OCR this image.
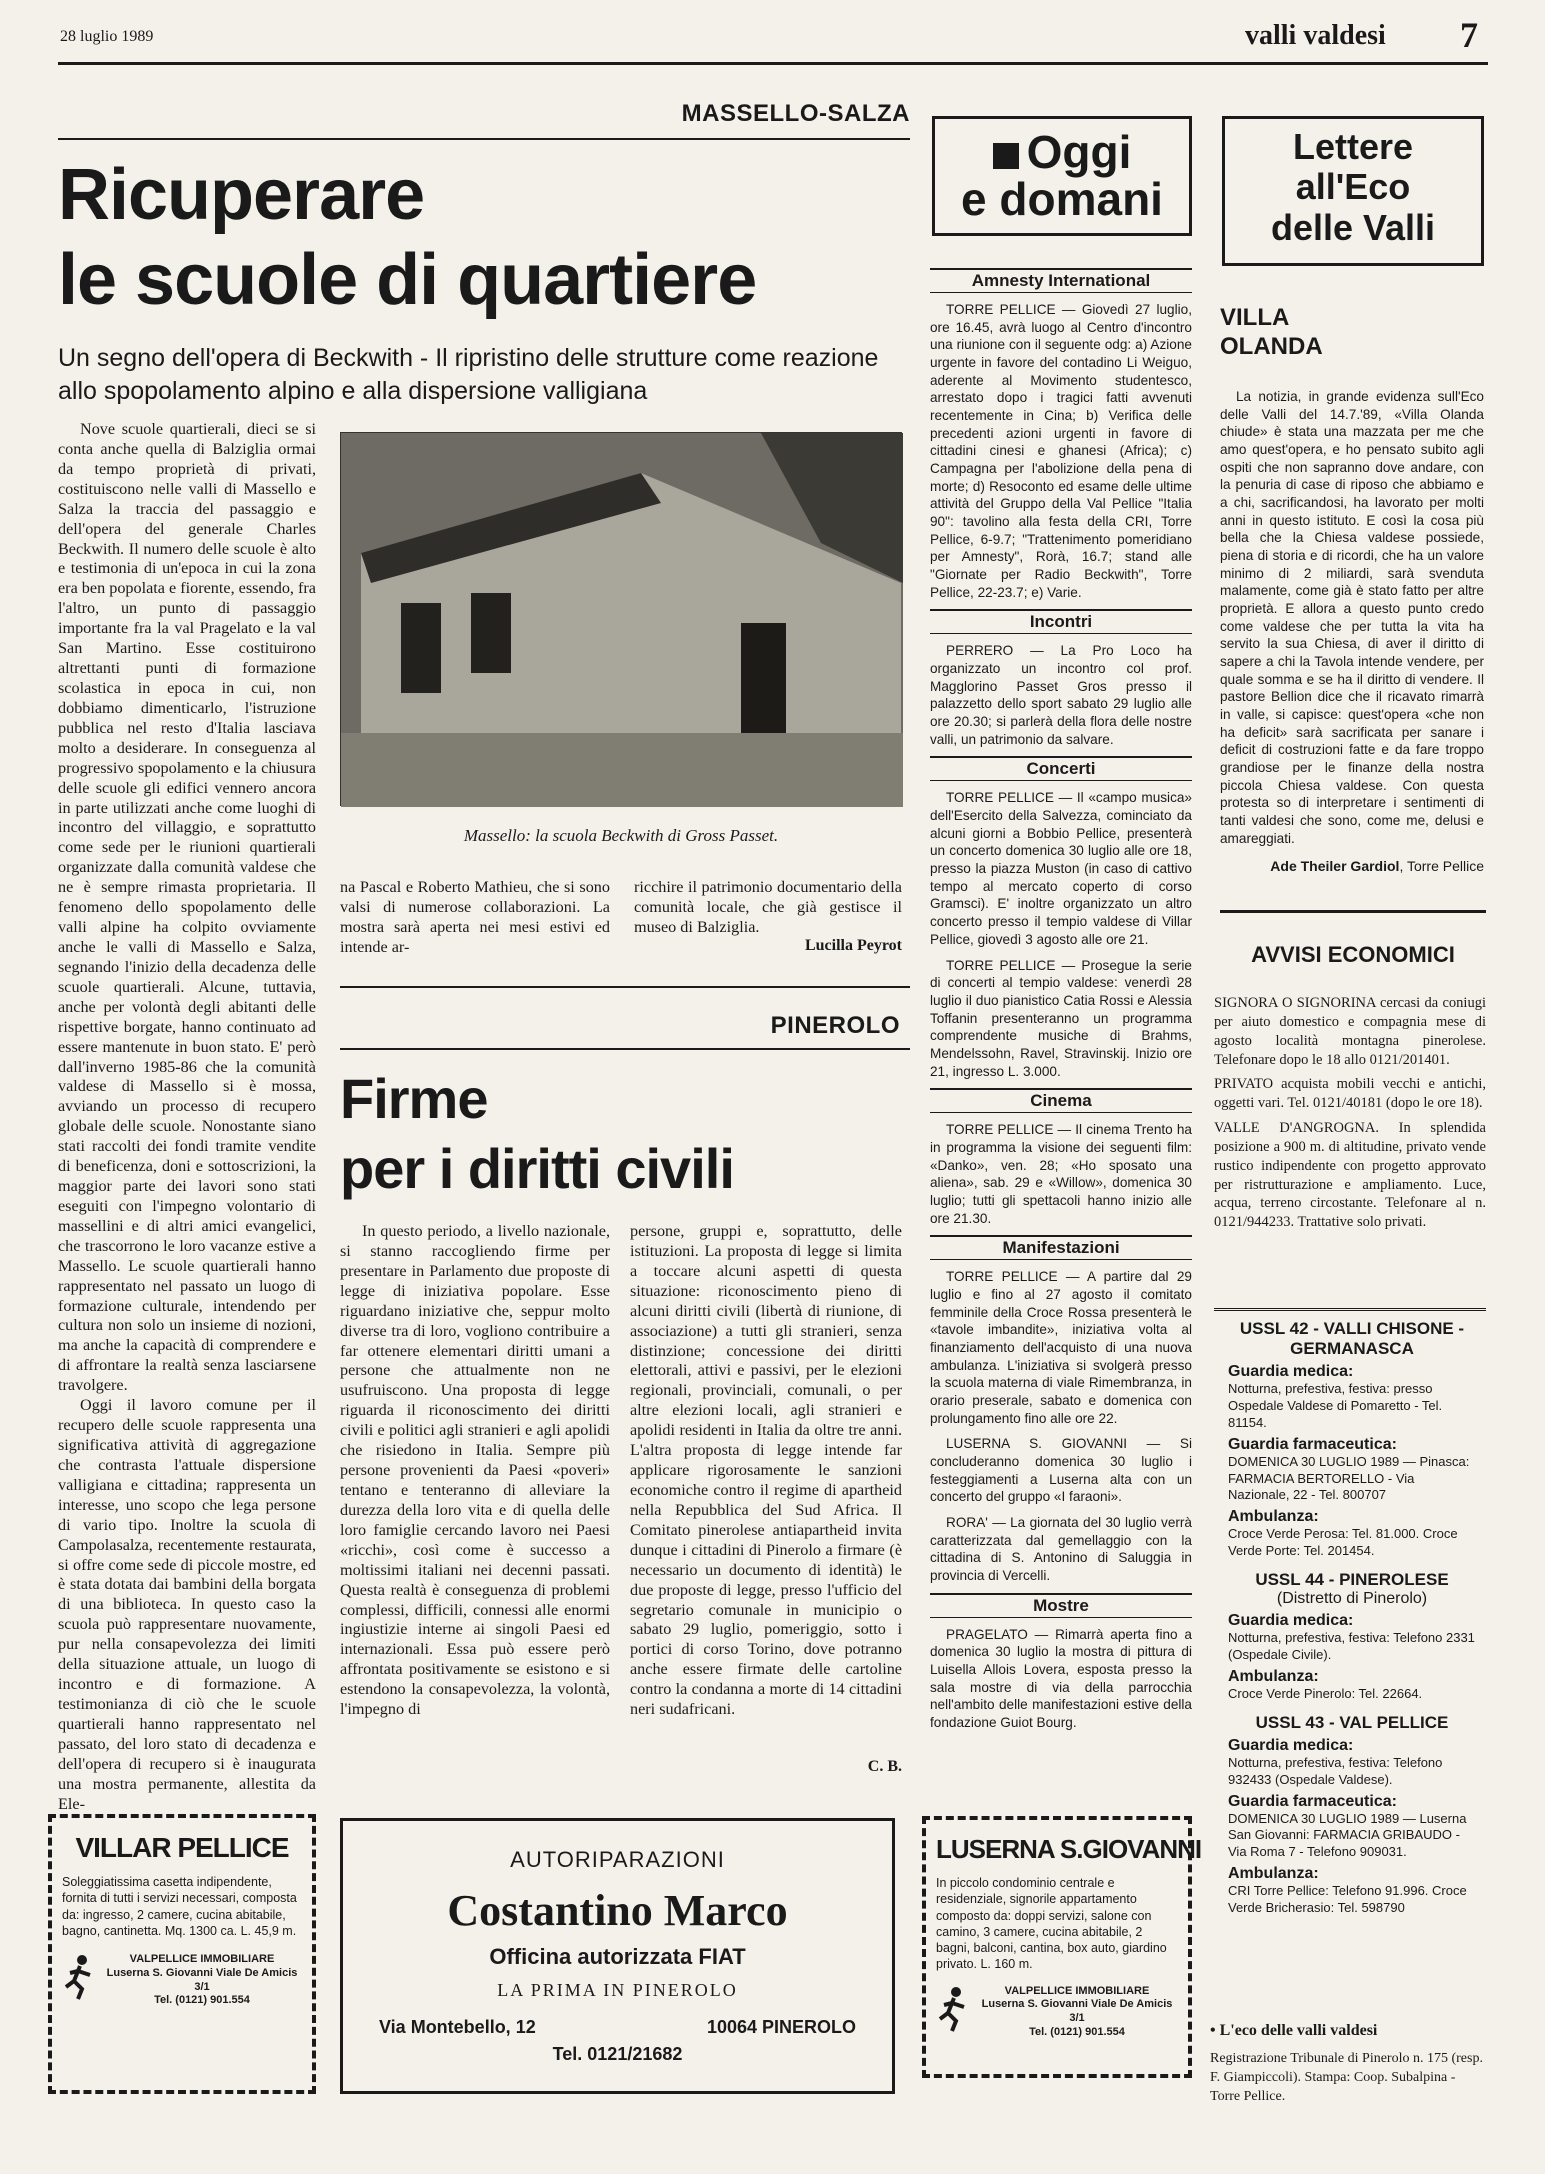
28 luglio 1989	valli valdesi 7
MASSELLO-SALZA
Ricuperare
le scuole di quartiere
Un segno dell'opera di Beckwith - Il ripristino delle strutture come reazione allo spopolamento alpino e alla dispersione valligiana

Nove scuole quartierali, dieci se si conta anche quella di Balziglia ormai da tempo proprietà di privati, costituiscono nelle valli di Massello e Salza la traccia del passaggio e dell'opera del generale Charles Beckwith. Il numero delle scuole è alto e testimonia di un'epoca in cui la zona era ben popolata e fiorente, essendo, fra l'altro, un punto di passaggio importante fra la val Pragelato e la val San Martino. Esse costituirono altrettanti punti di formazione scolastica in epoca in cui, non dobbiamo dimenticarlo, l'istruzione pubblica nel resto d'Italia lasciava molto a desiderare. In conseguenza al progressivo spopolamento e la chiusura delle scuole gli edifici vennero ancora in parte utilizzati anche come luoghi di incontro del villaggio, e soprattutto come sede per le riunioni quartierali organizzate dalla comunità valdese che ne è sempre rimasta proprietaria. Il fenomeno dello spopolamento delle valli alpine ha colpito ovviamente anche le valli di Massello e Salza, segnando l'inizio della decadenza delle scuole quartierali. Alcune, tuttavia, anche per volontà degli abitanti delle rispettive borgate, hanno continuato ad essere mantenute in buon stato. E' però dall'inverno 1985-86 che la comunità valdese di Massello si è mossa, avviando un processo di recupero globale delle scuole. Nonostante siano stati raccolti dei fondi tramite vendite di beneficenza, doni e sottoscrizioni, la maggior parte dei lavori sono stati eseguiti con l'impegno volontario di massellini e di altri amici evangelici, che trascorrono le loro vacanze estive a Massello. Le scuole quartierali hanno rappresentato nel passato un luogo di formazione culturale, intendendo per cultura non solo un insieme di nozioni, ma anche la capacità di comprendere e di affrontare la realtà senza lasciarsene travolgere.

Oggi il lavoro comune per il recupero delle scuole rappresenta una significativa attività di aggregazione che contrasta l'attuale dispersione valligiana e cittadina; rappresenta un interesse, uno scopo che lega persone di vario tipo. Inoltre la scuola di Campolasalza, recentemente restaurata, si offre come sede di piccole mostre, ed è stata dotata dai bambini della borgata di una biblioteca. In questo caso la scuola può rappresentare nuovamente, pur nella consapevolezza dei limiti della situazione attuale, un luogo di incontro e di formazione. A testimonianza di ciò che le scuole quartierali hanno rappresentato nel passato, del loro stato di decadenza e dell'opera di recupero si è inaugurata una mostra permanente, allestita da Ele-

Massello: la scuola Beckwith di Gross Passet.

na Pascal e Roberto Mathieu, che si sono valsi di numerose collaborazioni. La mostra sarà aperta nei mesi estivi ed intende ar-

ricchire il patrimonio documentario della comunità locale, che già gestisce il museo di Balziglia.

Lucilla Peyrot
PINEROLO
Firme
per i diritti civili

In questo periodo, a livello nazionale, si stanno raccogliendo firme per presentare in Parlamento due proposte di legge di iniziativa popolare. Esse riguardano iniziative che, seppur molto diverse tra di loro, vogliono contribuire a far ottenere elementari diritti umani a persone che attualmente non ne usufruiscono. Una proposta di legge riguarda il riconoscimento dei diritti civili e politici agli stranieri e agli apolidi che risiedono in Italia. Sempre più persone provenienti da Paesi «poveri» tentano e tenteranno di alleviare la durezza della loro vita e di quella delle loro famiglie cercando lavoro nei Paesi «ricchi», così come è successo a moltissimi italiani nei decenni passati. Questa realtà è conseguenza di problemi complessi, difficili, connessi alle enormi ingiustizie interne ai singoli Paesi ed internazionali. Essa può essere però affrontata positivamente se esistono e si estendono la consapevolezza, la volontà, l'impegno di

persone, gruppi e, soprattutto, delle istituzioni. La proposta di legge si limita a toccare alcuni aspetti di questa situazione: riconoscimento pieno di alcuni diritti civili (libertà di riunione, di associazione) a tutti gli stranieri, senza distinzione; concessione dei diritti elettorali, attivi e passivi, per le elezioni regionali, provinciali, comunali, o per altre elezioni locali, agli stranieri e apolidi residenti in Italia da oltre tre anni. L'altra proposta di legge intende far applicare rigorosamente le sanzioni economiche contro il regime di apartheid nella Repubblica del Sud Africa. Il Comitato pinerolese antiapartheid invita dunque i cittadini di Pinerolo a firmare (è necessario un documento di identità) le due proposte di legge, presso l'ufficio del segretario comunale in municipio o sabato 29 luglio, pomeriggio, sotto i portici di corso Torino, dove potranno anche essere firmate delle cartoline contro la condanna a morte di 14 cittadini neri sudafricani.

C. B.
Oggi
e domani
Amnesty International
TORRE PELLICE — Giovedì 27 luglio, ore 16.45, avrà luogo al Centro d'incontro una riunione con il seguente odg: a) Azione urgente in favore del contadino Li Weiguo, aderente al Movimento studentesco, arrestato dopo i tragici fatti avvenuti recentemente in Cina; b) Verifica delle precedenti azioni urgenti in favore di cittadini cinesi e ghanesi (Africa); c) Campagna per l'abolizione della pena di morte; d) Resoconto ed esame delle ultime attività del Gruppo della Val Pellice "Italia 90": tavolino alla festa della CRI, Torre Pellice, 6-9.7; "Trattenimento pomeridiano per Amnesty", Rorà, 16.7; stand alle "Giornate per Radio Beckwith", Torre Pellice, 22-23.7; e) Varie.
Incontri
PERRERO — La Pro Loco ha organizzato un incontro col prof. Magglorino Passet Gros presso il palazzetto dello sport sabato 29 luglio alle ore 20.30; si parlerà della flora delle nostre valli, un patrimonio da salvare.
Concerti
TORRE PELLICE — Il «campo musica» dell'Esercito della Salvezza, cominciato da alcuni giorni a Bobbio Pellice, presenterà un concerto domenica 30 luglio alle ore 18, presso la piazza Muston (in caso di cattivo tempo al mercato coperto di corso Gramsci). E' inoltre organizzato un altro concerto presso il tempio valdese di Villar Pellice, giovedì 3 agosto alle ore 21.
TORRE PELLICE — Prosegue la serie di concerti al tempio valdese: venerdì 28 luglio il duo pianistico Catia Rossi e Alessia Toffanin presenteranno un programma comprendente musiche di Brahms, Mendelssohn, Ravel, Stravinskij. Inizio ore 21, ingresso L. 3.000.
Cinema
TORRE PELLICE — Il cinema Trento ha in programma la visione dei seguenti film: «Danko», ven. 28; «Ho sposato una aliena», sab. 29 e «Willow», domenica 30 luglio; tutti gli spettacoli hanno inizio alle ore 21.30.
Manifestazioni
TORRE PELLICE — A partire dal 29 luglio e fino al 27 agosto il comitato femminile della Croce Rossa presenterà le «tavole imbandite», iniziativa volta al finanziamento dell'acquisto di una nuova ambulanza. L'iniziativa si svolgerà presso la scuola materna di viale Rimembranza, in orario preserale, sabato e domenica con prolungamento fino alle ore 22.
LUSERNA S. GIOVANNI — Si concluderanno domenica 30 luglio i festeggiamenti a Luserna alta con un concerto del gruppo «I faraoni».
RORA' — La giornata del 30 luglio verrà caratterizzata dal gemellaggio con la cittadina di S. Antonino di Saluggia in provincia di Vercelli.
Mostre
PRAGELATO — Rimarrà aperta fino a domenica 30 luglio la mostra di pittura di Luisella Allois Lovera, esposta presso la sala mostre di via della parrocchia nell'ambito delle manifestazioni estive della fondazione Guiot Bourg.
Lettere
all'Eco
delle Valli
VILLA
OLANDA

La notizia, in grande evidenza sull'Eco delle Valli del 14.7.'89, «Villa Olanda chiude» è stata una mazzata per me che amo quest'opera, e ho pensato subito agli ospiti che non sapranno dove andare, con la penuria di case di riposo che abbiamo e a chi, sacrificandosi, ha lavorato per molti anni in questo istituto. E così la cosa più bella che la Chiesa valdese possiede, piena di storia e di ricordi, che ha un valore minimo di 2 miliardi, sarà svenduta malamente, come già è stato fatto per altre proprietà. E allora a questo punto credo come valdese che per tutta la vita ha servito la sua Chiesa, di aver il diritto di sapere a chi la Tavola intende vendere, per quale somma e se ha il diritto di vendere. Il pastore Bellion dice che il ricavato rimarrà in valle, si capisce: quest'opera «che non ha deficit» sarà sacrificata per sanare i deficit di costruzioni fatte e da fare troppo grandiose per le finanze della nostra piccola Chiesa valdese. Con questa protesta so di interpretare i sentimenti di tanti valdesi che sono, come me, delusi e amareggiati.

Ade Theiler Gardiol, Torre Pellice
AVVISI ECONOMICI

SIGNORA O SIGNORINA cercasi da coniugi per aiuto domestico e compagnia mese di agosto località montagna pinerolese. Telefonare dopo le 18 allo 0121/201401.

PRIVATO acquista mobili vecchi e antichi, oggetti vari. Tel. 0121/40181 (dopo le ore 18).

VALLE D'ANGROGNA. In splendida posizione a 900 m. di altitudine, privato vende rustico indipendente con progetto approvato per ristrutturazione e ampliamento. Luce, acqua, terreno circostante. Telefonare al n. 0121/944233. Trattative solo privati.

USSL 42 - VALLI CHISONE - GERMANASCA
Guardia medica:
Notturna, prefestiva, festiva: presso Ospedale Valdese di Pomaretto - Tel. 81154.
Guardia farmaceutica:
DOMENICA 30 LUGLIO 1989 — Pinasca: FARMACIA BERTORELLO - Via Nazionale, 22 - Tel. 800707
Ambulanza:
Croce Verde Perosa: Tel. 81.000. Croce Verde Porte: Tel. 201454.
USSL 44 - PINEROLESE
(Distretto di Pinerolo)
Guardia medica:
Notturna, prefestiva, festiva: Telefono 2331 (Ospedale Civile).
Ambulanza:
Croce Verde Pinerolo: Tel. 22664.
USSL 43 - VAL PELLICE
Guardia medica:
Notturna, prefestiva, festiva: Telefono 932433 (Ospedale Valdese).
Guardia farmaceutica:
DOMENICA 30 LUGLIO 1989 — Luserna San Giovanni: FARMACIA GRIBAUDO - Via Roma 7 - Telefono 909031.
Ambulanza:
CRI Torre Pellice: Telefono 91.996. Croce Verde Bricherasio: Tel. 598790
• L'eco delle valli valdesi
Registrazione Tribunale di Pinerolo n. 175 (resp. F. Giampiccoli). Stampa: Coop. Subalpina - Torre Pellice.
VILLAR PELLICE
Soleggiatissima casetta indipendente, fornita di tutti i servizi necessari, composta da: ingresso, 2 camere, cucina abitabile, bagno, cantinetta. Mq. 1300 ca. L. 45,9 m.
VALPELLICE IMMOBILIARE
Luserna S. Giovanni Viale De Amicis 3/1
Tel. (0121) 901.554
AUTORIPARAZIONI
Costantino Marco
Officina autorizzata FIAT
LA PRIMA IN PINEROLO
Via Montebello, 12	10064 PINEROLO
Tel. 0121/21682
LUSERNA S.GIOVANNI
In piccolo condominio centrale e residenziale, signorile appartamento composto da: doppi servizi, salone con camino, 3 camere, cucina abitabile, 2 bagni, balconi, cantina, box auto, giardino privato. L. 160 m.
VALPELLICE IMMOBILIARE
Luserna S. Giovanni Viale De Amicis 3/1
Tel. (0121) 901.554
